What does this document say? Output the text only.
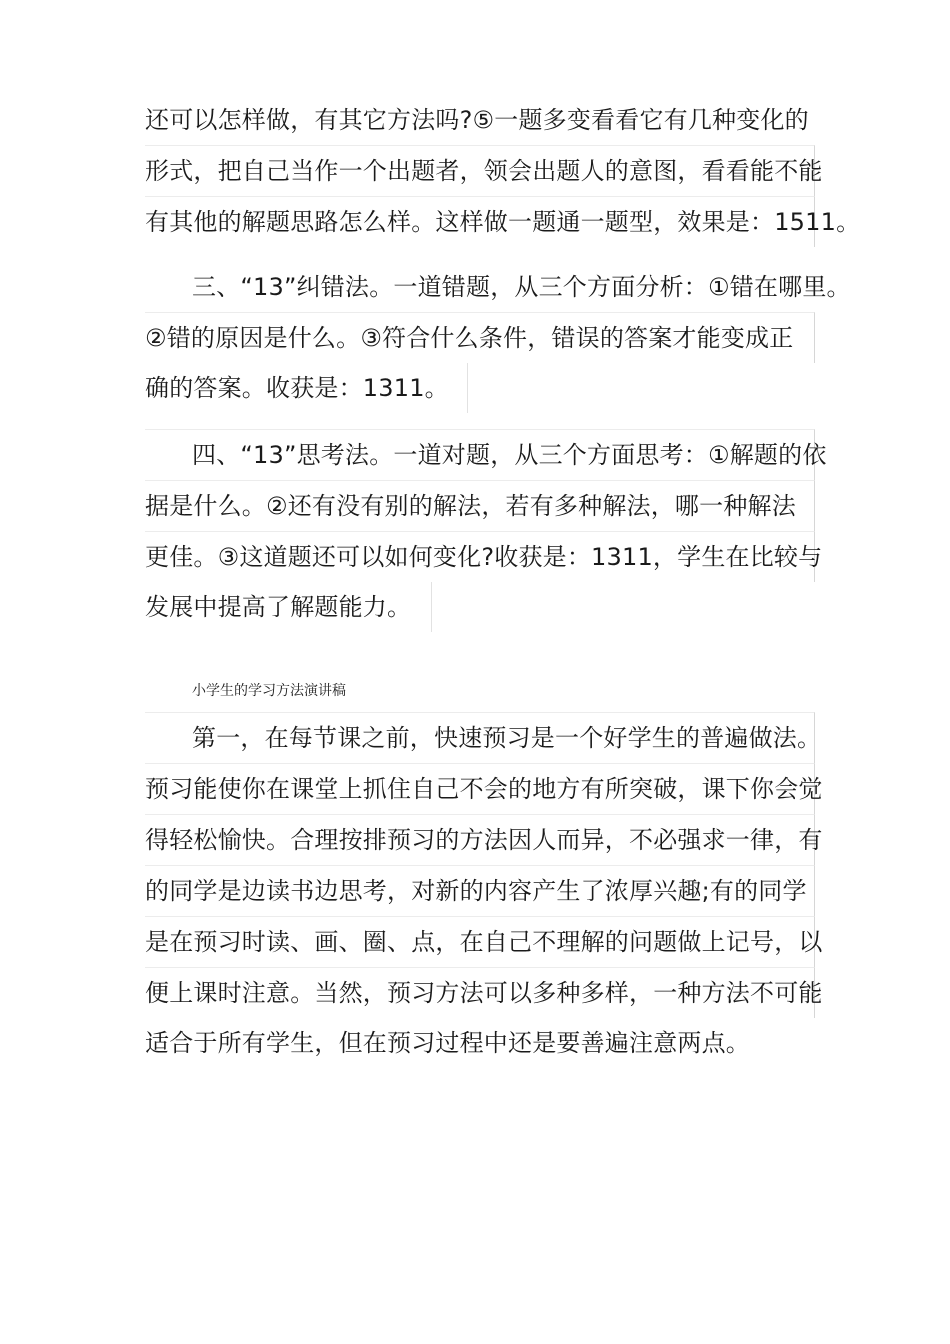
还可以怎样做，有其它方法吗?⑤一题多变看看它有几种变化的
形式，把自己当作一个出题者，领会出题人的意图，看看能不能
有其他的解题思路怎么样。这样做一题通一题型，效果是：1511。
三、“13”纠错法。一道错题，从三个方面分析：①错在哪里。
②错的原因是什么。③符合什么条件，错误的答案才能变成正
确的答案。收获是：1311。
四、“13”思考法。一道对题，从三个方面思考：①解题的依
据是什么。②还有没有别的解法，若有多种解法，哪一种解法
更佳。③这道题还可以如何变化?收获是：1311，学生在比较与
发展中提高了解题能力。
小学生的学习方法演讲稿
第一，在每节课之前，快速预习是一个好学生的普遍做法。
预习能使你在课堂上抓住自己不会的地方有所突破，课下你会觉
得轻松愉快。合理按排预习的方法因人而异，不必强求一律，有
的同学是边读书边思考，对新的内容产生了浓厚兴趣;有的同学
是在预习时读、画、圈、点，在自己不理解的问题做上记号，以
便上课时注意。当然，预习方法可以多种多样，一种方法不可能
适合于所有学生，但在预习过程中还是要善遍注意两点。
